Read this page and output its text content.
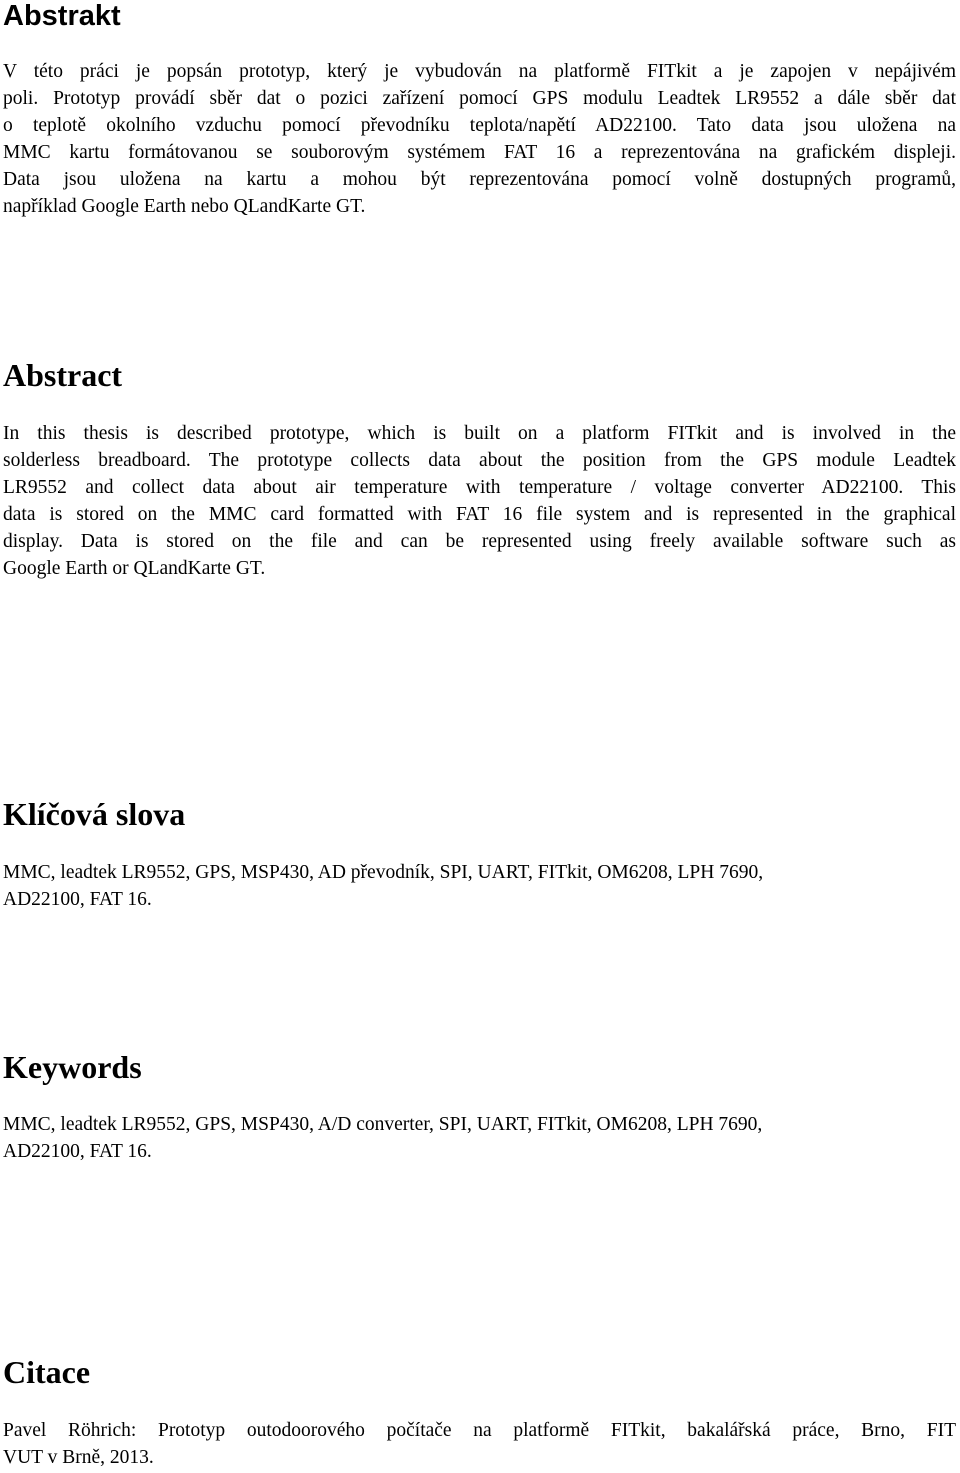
Abstrakt
V této práci je popsán prototyp, který je vybudován na platformě FITkit a je zapojen v nepájivém
poli. Prototyp provádí sběr dat o pozici zařízení pomocí GPS modulu Leadtek LR9552 a dále sběr dat
o teplotě okolního vzduchu pomocí převodníku teplota/napětí AD22100. Tato data jsou uložena na
MMC kartu formátovanou se souborovým systémem FAT 16 a reprezentována na grafickém displeji.
Data jsou uložena na kartu a mohou být reprezentována pomocí volně dostupných programů,
například Google Earth nebo QLandKarte GT.
Abstract
In this thesis is described prototype, which is built on a platform FITkit and is involved in the
solderless breadboard. The prototype collects data about the position from the GPS module Leadtek
LR9552 and collect data about air temperature with temperature / voltage converter AD22100. This
data is stored on the MMC card formatted with FAT 16 file system and is represented in the graphical
display. Data is stored on the file and can be represented using freely available software such as
Google Earth or QLandKarte GT.
Klíčová slova
MMC, leadtek LR9552, GPS, MSP430, AD převodník, SPI, UART, FITkit, OM6208, LPH 7690,
AD22100, FAT 16.
Keywords
MMC, leadtek LR9552, GPS, MSP430, A/D converter, SPI, UART, FITkit, OM6208, LPH 7690,
AD22100, FAT 16.
Citace
Pavel Röhrich: Prototyp outodoorového počítače na platformě FITkit, bakalářská práce, Brno, FIT
VUT v Brně, 2013.
